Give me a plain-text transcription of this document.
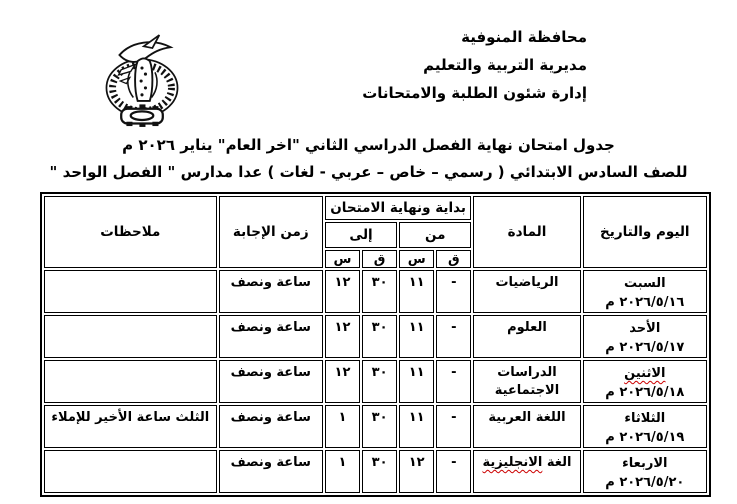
محافظة المنوفية
مديرية التربية والتعليم
إدارة شئون الطلبة والامتحانات
جدول امتحان نهاية الفصل الدراسي الثاني "اخر العام" يناير ٢٠٢٦ م
للصف السادس الابتدائي ( رسمي – خاص – عربي - لغات ) عدا مدارس " الفصل الواحد "
اليوم والتاريخ	المادة	بداية ونهاية الامتحان				زمن الإجابة	ملاحظات
		من		إلى			
		ق	س	ق	س		

السبت
٢٠٢٦/٥/١٦ م	الرياضيات	-	١١	٣٠	١٢	ساعة ونصف	

الأحد
٢٠٢٦/٥/١٧ م	العلوم	-	١١	٣٠	١٢	ساعة ونصف	

الاثنين
٢٠٢٦/٥/١٨ م	الدراسات الاجتماعية	-	١١	٣٠	١٢	ساعة ونصف	

الثلاثاء
٢٠٢٦/٥/١٩ م	اللغة العربية	-	١١	٣٠	١	ساعة ونصف	الثلث ساعة الأخير للإملاء

الاربعاء
٢٠٢٦/٥/٢٠ م	الغة الانجليزية	-	١٢	٣٠	١	ساعة ونصف	
